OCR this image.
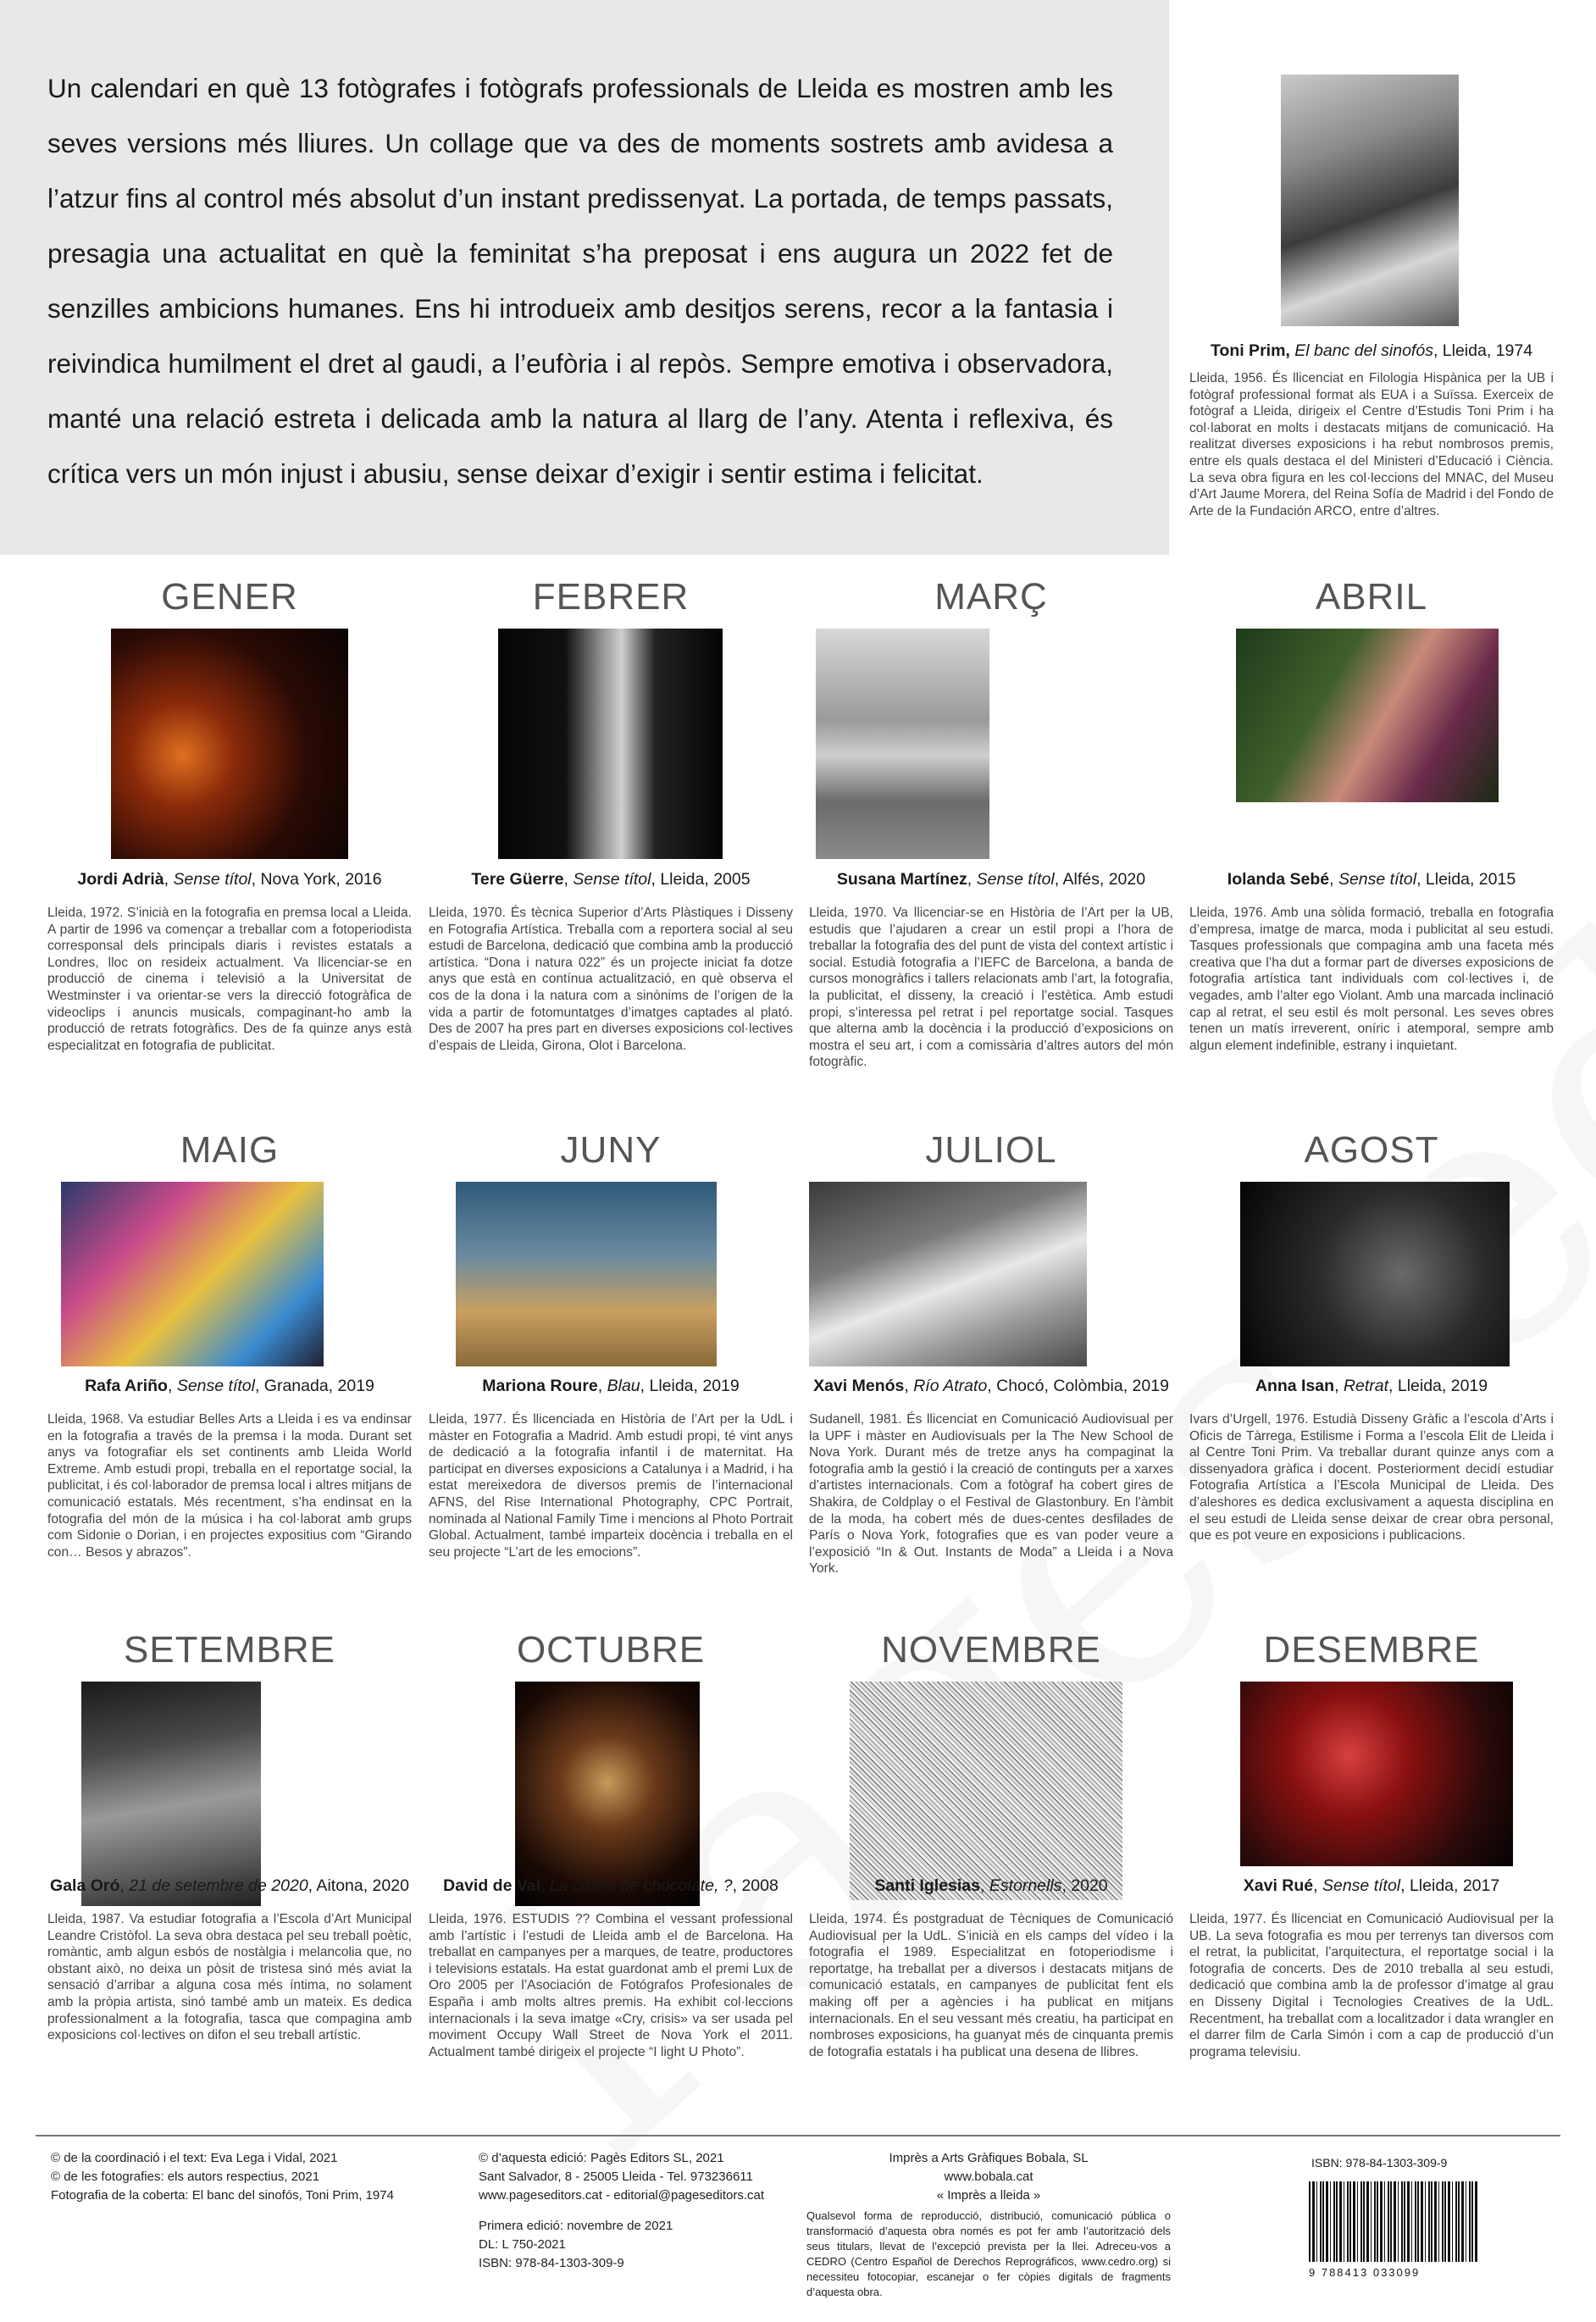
Un calendari en què 13 fotògrafes i fotògrafs professionals de Lleida es mostren amb les seves versions més lliures. Un collage que va des de moments sostrets amb avidesa a l’atzur fins al control més absolut d’un instant predissenyat. La portada, de temps passats, presagia una actualitat en què la feminitat s’ha preposat i ens augura un 2022 fet de senzilles ambicions humanes. Ens hi introdueix amb desitjos serens, recor a la fantasia i reivindica humilment el dret al gaudi, a l’eufòria i al repòs. Sempre emotiva i observadora, manté una relació estreta i delicada amb la natura al llarg de l’any. Atenta i reflexiva, és crítica vers un món injust i abusiu, sense deixar d’exigir i sentir estima i felicitat.

Toni Prim, El banc del sinofós, Lleida, 1974

Lleida, 1956. És llicenciat en Filologia Hispànica per la UB i fotògraf professional format als EUA i a Suïssa. Exerceix de fotògraf a Lleida, dirigeix el Centre d’Estudis Toni Prim i ha col·laborat en molts i destacats mitjans de comunicació. Ha realitzat diverses exposicions i ha rebut nombrosos premis, entre els quals destaca el del Ministeri d’Educació i Ciència. La seva obra figura en les col·leccions del MNAC, del Museu d’Art Jaume Morera, del Reina Sofía de Madrid i del Fondo de Arte de la Fundación ARCO, entre d’altres.

GENER
Jordi Adrià, Sense títol, Nova York, 2016

Lleida, 1972. S’inicià en la fotografia en premsa local a Lleida. A partir de 1996 va començar a treballar com a fotoperiodista corresponsal dels principals diaris i revistes estatals a Londres, lloc on resideix actualment. Va llicenciar-se en producció de cinema i televisió a la Universitat de Westminster i va orientar-se vers la direcció fotogràfica de videoclips i anuncis musicals, compaginant-ho amb la producció de retrats fotogràfics. Des de fa quinze anys està especialitzat en fotografia de publicitat.

FEBRER
Tere Güerre, Sense títol, Lleida, 2005

Lleida, 1970. És tècnica Superior d’Arts Plàstiques i Disseny en Fotografia Artística. Treballa com a reportera social al seu estudi de Barcelona, dedicació que combina amb la producció artística. “Dona i natura 022” és un projecte iniciat fa dotze anys que està en contínua actualització, en què observa el cos de la dona i la natura com a sinònims de l’origen de la vida a partir de fotomuntatges d’imatges captades al plató. Des de 2007 ha pres part en diverses exposicions col·lectives d’espais de Lleida, Girona, Olot i Barcelona.

MARÇ
Susana Martínez, Sense títol, Alfés, 2020

Lleida, 1970. Va llicenciar-se en Història de l’Art per la UB, estudis que l’ajudaren a crear un estil propi a l’hora de treballar la fotografia des del punt de vista del context artístic i social. Estudià fotografia a l’IEFC de Barcelona, a banda de cursos monogràfics i tallers relacionats amb l’art, la fotografia, la publicitat, el disseny, la creació i l’estètica. Amb estudi propi, s’interessa pel retrat i pel reportatge social. Tasques que alterna amb la docència i la producció d’exposicions on mostra el seu art, i com a comissària d’altres autors del món fotogràfic.

ABRIL
Iolanda Sebé, Sense títol, Lleida, 2015

Lleida, 1976. Amb una sòlida formació, treballa en fotografia d’empresa, imatge de marca, moda i publicitat al seu estudi. Tasques professionals que compagina amb una faceta més creativa que l’ha dut a formar part de diverses exposicions de fotografia artística tant individuals com col·lectives i, de vegades, amb l’alter ego Violant. Amb una marcada inclinació cap al retrat, el seu estil és molt personal. Les seves obres tenen un matís irreverent, oníric i atemporal, sempre amb algun element indefinible, estrany i inquietant.

MAIG
Rafa Ariño, Sense títol, Granada, 2019

Lleida, 1968. Va estudiar Belles Arts a Lleida i es va endinsar en la fotografia a través de la premsa i la moda. Durant set anys va fotografiar els set continents amb Lleida World Extreme. Amb estudi propi, treballa en el reportatge social, la publicitat, i és col·laborador de premsa local i altres mitjans de comunicació estatals. Més recentment, s’ha endinsat en la fotografia del món de la música i ha col·laborat amb grups com Sidonie o Dorian, i en projectes expositius com “Girando con… Besos y abrazos”.

JUNY
Mariona Roure, Blau, Lleida, 2019

Lleida, 1977. És llicenciada en Història de l’Art per la UdL i màster en Fotografia a Madrid. Amb estudi propi, té vint anys de dedicació a la fotografia infantil i de maternitat. Ha participat en diverses exposicions a Catalunya i a Madrid, i ha estat mereixedora de diversos premis de l’internacional AFNS, del Rise International Photography, CPC Portrait, nominada al National Family Time i mencions al Photo Portrait Global. Actualment, també imparteix docència i treballa en el seu projecte “L’art de les emocions”.

JULIOL
Xavi Menós, Río Atrato, Chocó, Colòmbia, 2019

Sudanell, 1981. És llicenciat en Comunicació Audiovisual per la UPF i màster en Audiovisuals per la The New School de Nova York. Durant més de tretze anys ha compaginat la fotografia amb la gestió i la creació de continguts per a xarxes d’artistes internacionals. Com a fotògraf ha cobert gires de Shakira, de Coldplay o el Festival de Glastonbury. En l’àmbit de la moda, ha cobert més de dues-centes desfilades de París o Nova York, fotografies que es van poder veure a l’exposició “In & Out. Instants de Moda” a Lleida i a Nova York.

AGOST
Anna Isan, Retrat, Lleida, 2019

Ivars d’Urgell, 1976. Estudià Disseny Gràfic a l’escola d’Arts i Oficis de Tàrrega, Estilisme i Forma a l’escola Elit de Lleida i al Centre Toni Prim. Va treballar durant quinze anys com a dissenyadora gràfica i docent. Posteriorment decidí estudiar Fotografia Artística a l’Escola Municipal de Lleida. Des d’aleshores es dedica exclusivament a aquesta disciplina en el seu estudi de Lleida sense deixar de crear obra personal, que es pot veure en exposicions i publicacions.

SETEMBRE
Gala Oró, 21 de setembre de 2020, Aitona, 2020

Lleida, 1987. Va estudiar fotografia a l’Escola d’Art Municipal Leandre Cristòfol. La seva obra destaca pel seu treball poètic, romàntic, amb algun esbós de nostàlgia i melancolia que, no obstant això, no deixa un pòsit de tristesa sinó més aviat la sensació d’arribar a alguna cosa més íntima, no solament amb la pròpia artista, sinó també amb un mateix. Es dedica professionalment a la fotografia, tasca que compagina amb exposicions col·lectives on difon el seu treball artístic.

OCTUBRE
David de Val, La casita de chocolate, ?, 2008

Lleida, 1976. ESTUDIS ?? Combina el vessant professional amb l’artístic i l’estudi de Lleida amb el de Barcelona. Ha treballat en campanyes per a marques, de teatre, productores i televisions estatals. Ha estat guardonat amb el premi Lux de Oro 2005 per l’Asociación de Fotógrafos Profesionales de España i amb molts altres premis. Ha exhibit col·leccions internacionals i la seva imatge «Cry, crisis» va ser usada pel moviment Occupy Wall Street de Nova York el 2011. Actualment també dirigeix el projecte “I light U Photo”.

NOVEMBRE
Santi Iglesias, Estornells, 2020

Lleida, 1974. És postgraduat de Tècniques de Comunicació Audiovisual per la UdL. S’inicià en els camps del vídeo i la fotografia el 1989. Especialitzat en fotoperiodisme i reportatge, ha treballat per a diversos i destacats mitjans de comunicació estatals, en campanyes de publicitat fent els making off per a agències i ha publicat en mitjans internacionals. En el seu vessant més creatiu, ha participat en nombroses exposicions, ha guanyat més de cinquanta premis de fotografia estatals i ha publicat una desena de llibres.

DESEMBRE
Xavi Rué, Sense títol, Lleida, 2017

Lleida, 1977. És llicenciat en Comunicació Audiovisual per la UB. La seva fotografia es mou per terrenys tan diversos com el retrat, la publicitat, l’arquitectura, el reportatge social i la fotografia de concerts. Des de 2010 treballa al seu estudi, dedicació que combina amb la de professor d’imatge al grau en Disseny Digital i Tecnologies Creatives de la UdL. Recentment, ha treballat com a localitzador i data wrangler en el darrer film de Carla Simón i com a cap de producció d’un programa televisiu.

© de la coordinació i el text: Eva Lega i Vidal, 2021
© de les fotografies: els autors respectius, 2021
Fotografia de la coberta: El banc del sinofós, Toni Prim, 1974
© d’aquesta edició: Pagès Editors SL, 2021
Sant Salvador, 8 - 25005 Lleida - Tel. 973236611
www.pageseditors.cat - editorial@pageseditors.cat
Primera edició: novembre de 2021
DL: L 750-2021
ISBN: 978-84-1303-309-9
Imprès a Arts Gràfiques Bobala, SL
www.bobala.cat
« Imprès a lleida »

Qualsevol forma de reproducció, distribució, comunicació pública o transformació d’aquesta obra només es pot fer amb l’autorització dels seus titulars, llevat de l’excepció prevista per la llei. Adreceu-vos a CEDRO (Centro Español de Derechos Reprográficos, www.cedro.org) si necessiteu fotocopiar, escanejar o fer còpies digitals de fragments d’aquesta obra.

ISBN: 978-84-1303-309-9
9 788413 033099
